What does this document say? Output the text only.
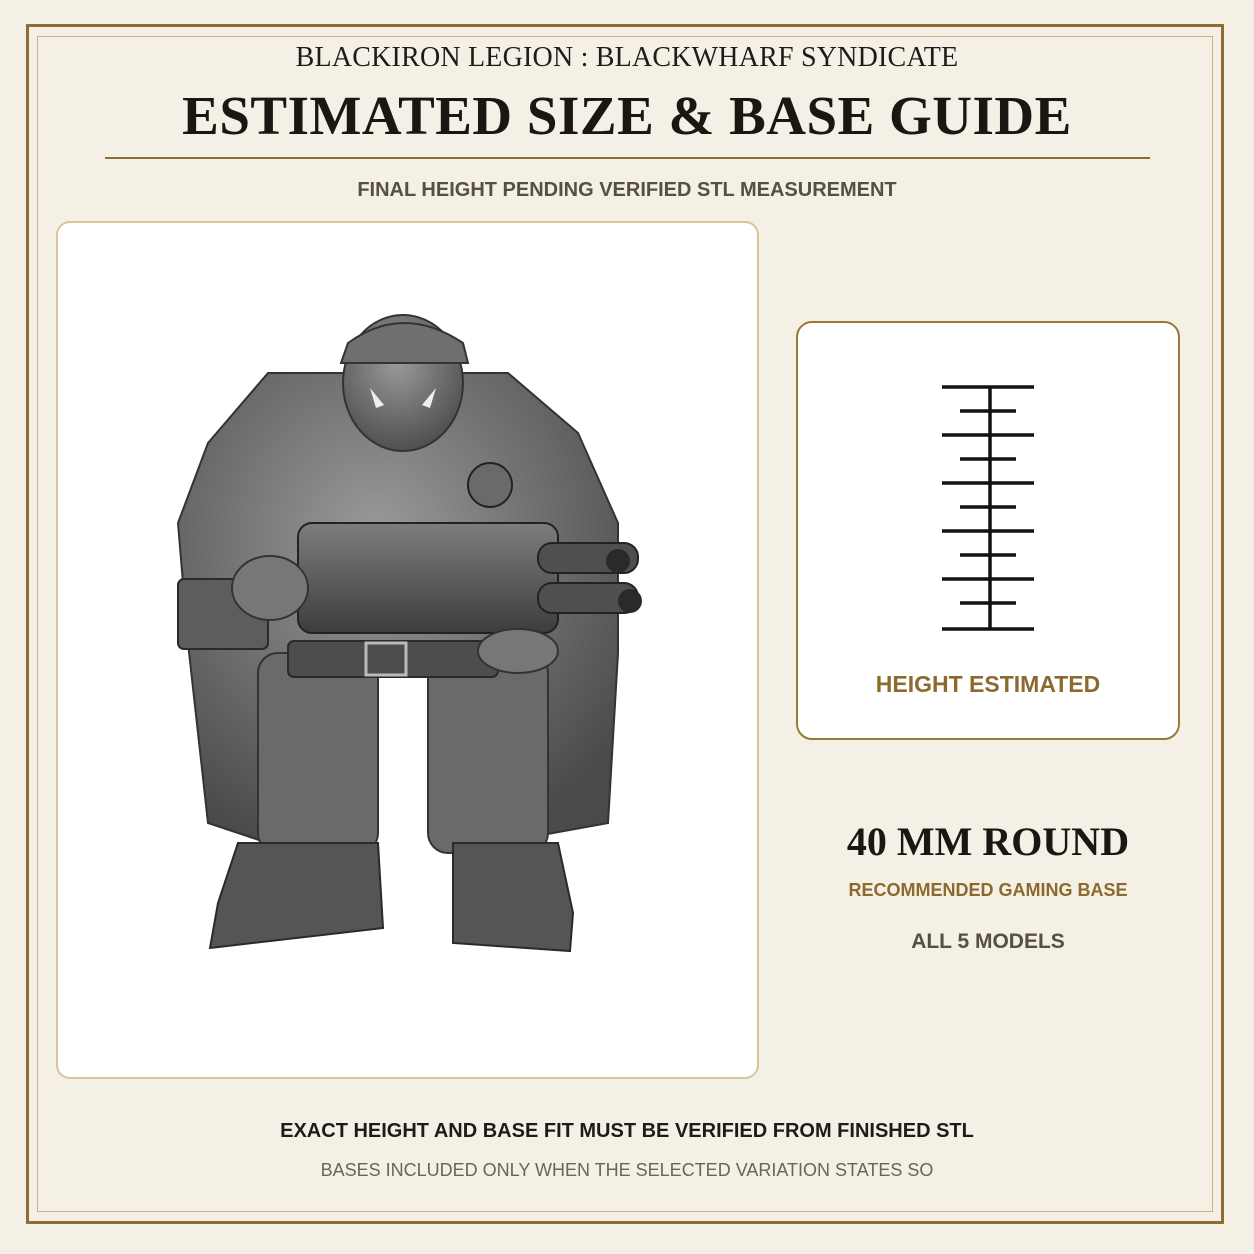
BLACKIRON LEGION : BLACKWHARF SYNDICATE
ESTIMATED SIZE & BASE GUIDE
FINAL HEIGHT PENDING VERIFIED STL MEASUREMENT
HEIGHT ESTIMATED
40 MM ROUND
RECOMMENDED GAMING BASE
ALL 5 MODELS
EXACT HEIGHT AND BASE FIT MUST BE VERIFIED FROM FINISHED STL
BASES INCLUDED ONLY WHEN THE SELECTED VARIATION STATES SO
